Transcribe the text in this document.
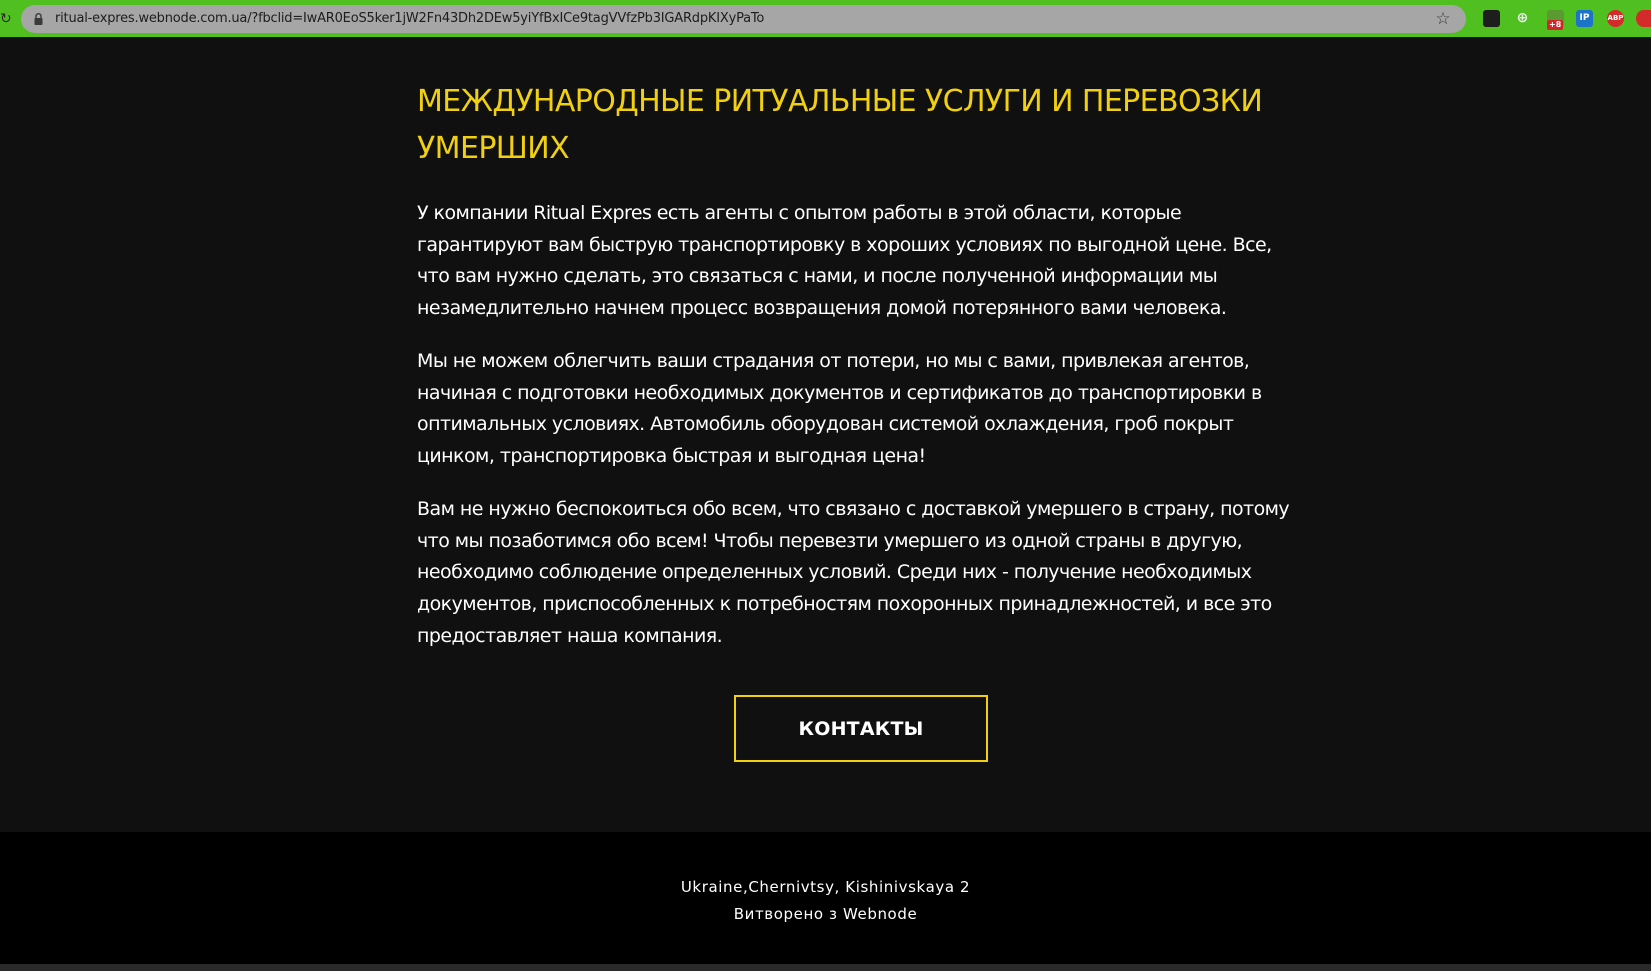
↻	ritual-expres.webnode.com.ua/?fbclid=IwAR0EoS5ker1jW2Fn43Dh2DEw5yiYfBxICe9tagVVfzPb3IGARdpKIXyPaTo	☆	⊕	+8
IP	ABP
МЕЖДУНАРОДНЫЕ РИТУАЛЬНЫЕ УСЛУГИ И ПЕРЕВОЗКИ
УМЕРШИХ

У компании Ritual Expres есть агенты с опытом работы в этой области, которые гарантируют вам быструю транспортировку в хороших условиях по выгодной цене. Все, что вам нужно сделать, это связаться с нами, и после полученной информации мы незамедлительно начнем процесс возвращения домой потерянного вами человека.

Мы не можем облегчить ваши страдания от потери, но мы с вами, привлекая агентов, начиная с подготовки необходимых документов и сертификатов до транспортировки в оптимальных условиях. Автомобиль оборудован системой охлаждения, гроб покрыт цинком, транспортировка быстрая и выгодная цена!

Вам не нужно беспокоиться обо всем, что связано с доставкой умершего в страну, потому что мы позаботимся обо всем! Чтобы перевезти умершего из одной страны в другую, необходимо соблюдение определенных условий. Среди них - получение необходимых документов, приспособленных к потребностям похоронных принадлежностей, и все это предоставляет наша компания.

КОНТАКТЫ
Ukraine,Chernivtsy, Kishinivskaya 2
Витворено з Webnode
